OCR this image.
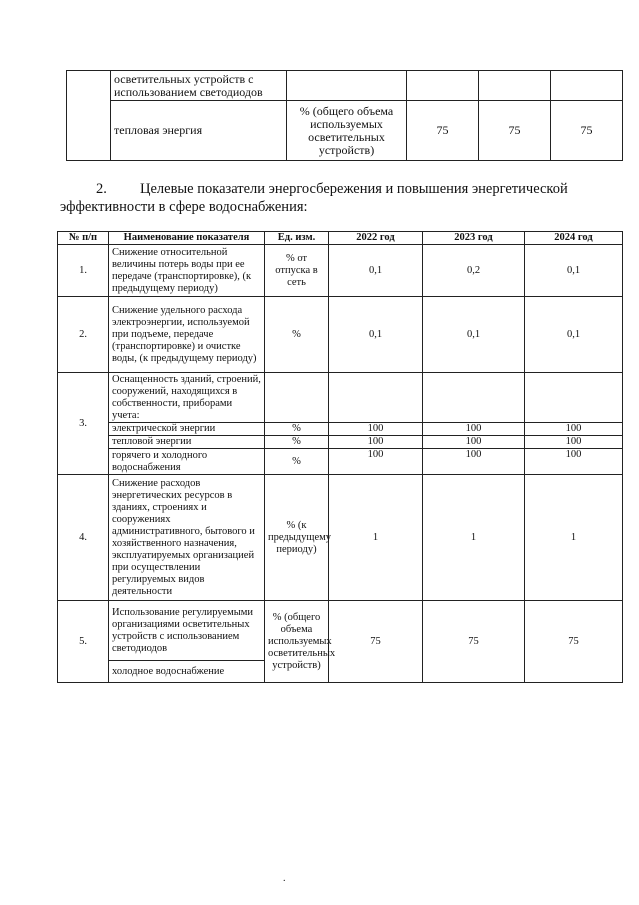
	осветительных устройств с использованием светодиодов				
	тепловая энергия	% (общего объема используемых осветительных устройств)	75	75	75
2. Целевые показатели энергосбережения и повышения энергетической эффективности в сфере водоснабжения:
№ п/п	Наименование показателя	Ед. изм.	2022 год	2023 год	2024 год
1.	Снижение относительной величины потерь воды при ее передаче (транспортировке), (к предыдущему периоду)	% от отпуска в сеть	0,1	0,2	0,1
2.	Снижение удельного расхода электроэнергии, используемой при подъеме, передаче (транспортировке) и очистке воды, (к предыдущему периоду)	%	0,1	0,1	0,1
3.	Оснащенность зданий, строений, сооружений, находящихся в собственности, приборами учета:				
	электрической энергии	%	100	100	100
	тепловой энергии	%	100	100	100
	горячего и холодного водоснабжения	%	100	100	100
4.	Снижение расходов энергетических ресурсов в зданиях, строениях и сооружениях административного, бытового и хозяйственного назначения, эксплуатируемых организацией при осуществлении регулируемых видов деятельности	% (к предыдущему периоду)	1	1	1
5.	Использование регулируемыми организациями осветительных устройств с использованием светодиодов	% (общего объема используемых осветительных устройств)	75	75	75
	холодное водоснабжение				
.
